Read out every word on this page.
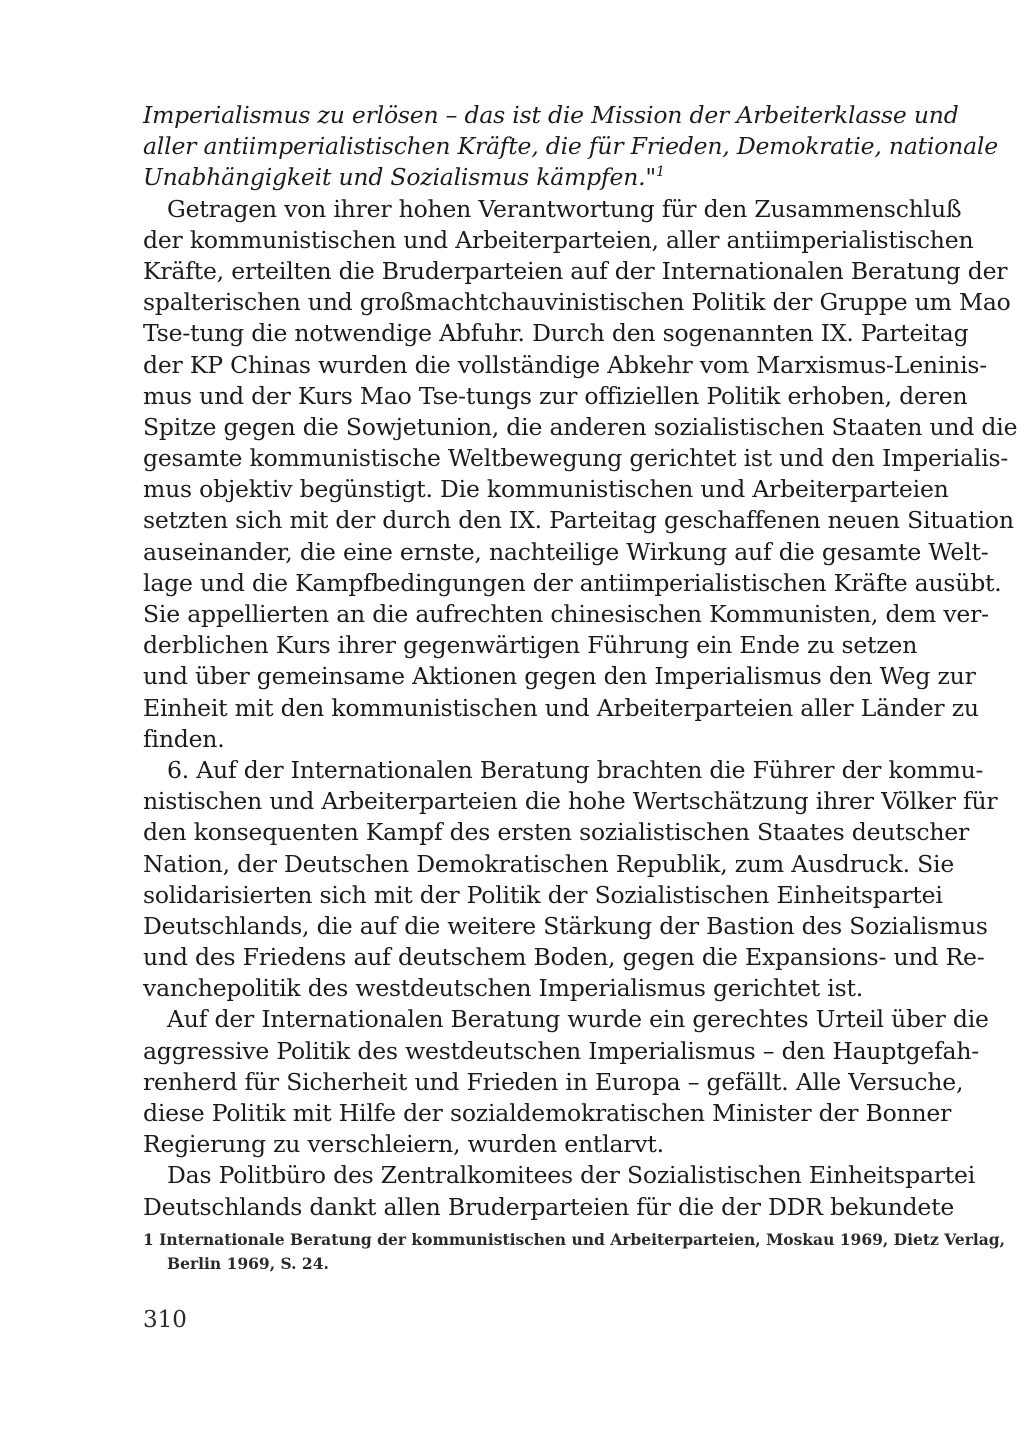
Imperialismus zu erlösen – das ist die Mission der Arbeiterklasse und
aller antiimperialistischen Kräfte, die für Frieden, Demokratie, nationale
Unabhängigkeit und Sozialismus kämpfen."$^1$
Getragen von ihrer hohen Verantwortung für den Zusammenschluß
der kommunistischen und Arbeiterparteien, aller antiimperialistischen
Kräfte, erteilten die Bruderparteien auf der Internationalen Beratung der
spalterischen und großmachtchauvinistischen Politik der Gruppe um Mao
Tse-tung die notwendige Abfuhr. Durch den sogenannten IX. Parteitag
der KP Chinas wurden die vollständige Abkehr vom Marxismus-Leninis-
mus und der Kurs Mao Tse-tungs zur offiziellen Politik erhoben, deren
Spitze gegen die Sowjetunion, die anderen sozialistischen Staaten und die
gesamte kommunistische Weltbewegung gerichtet ist und den Imperialis-
mus objektiv begünstigt. Die kommunistischen und Arbeiterparteien
setzten sich mit der durch den IX. Parteitag geschaffenen neuen Situation
auseinander, die eine ernste, nachteilige Wirkung auf die gesamte Welt-
lage und die Kampfbedingungen der antiimperialistischen Kräfte ausübt.
Sie appellierten an die aufrechten chinesischen Kommunisten, dem ver-
derblichen Kurs ihrer gegenwärtigen Führung ein Ende zu setzen
und über gemeinsame Aktionen gegen den Imperialismus den Weg zur
Einheit mit den kommunistischen und Arbeiterparteien aller Länder zu
finden.
6. Auf der Internationalen Beratung brachten die Führer der kommu-
nistischen und Arbeiterparteien die hohe Wertschätzung ihrer Völker für
den konsequenten Kampf des ersten sozialistischen Staates deutscher
Nation, der Deutschen Demokratischen Republik, zum Ausdruck. Sie
solidarisierten sich mit der Politik der Sozialistischen Einheitspartei
Deutschlands, die auf die weitere Stärkung der Bastion des Sozialismus
und des Friedens auf deutschem Boden, gegen die Expansions- und Re-
vanchepolitik des westdeutschen Imperialismus gerichtet ist.
Auf der Internationalen Beratung wurde ein gerechtes Urteil über die
aggressive Politik des westdeutschen Imperialismus – den Hauptgefah-
renherd für Sicherheit und Frieden in Europa – gefällt. Alle Versuche,
diese Politik mit Hilfe der sozialdemokratischen Minister der Bonner
Regierung zu verschleiern, wurden entlarvt.
Das Politbüro des Zentralkomitees der Sozialistischen Einheitspartei
Deutschlands dankt allen Bruderparteien für die der DDR bekundete
1 Internationale Beratung der kommunistischen und Arbeiterparteien, Moskau 1969, Dietz Verlag,
Berlin 1969, S. 24.
310
